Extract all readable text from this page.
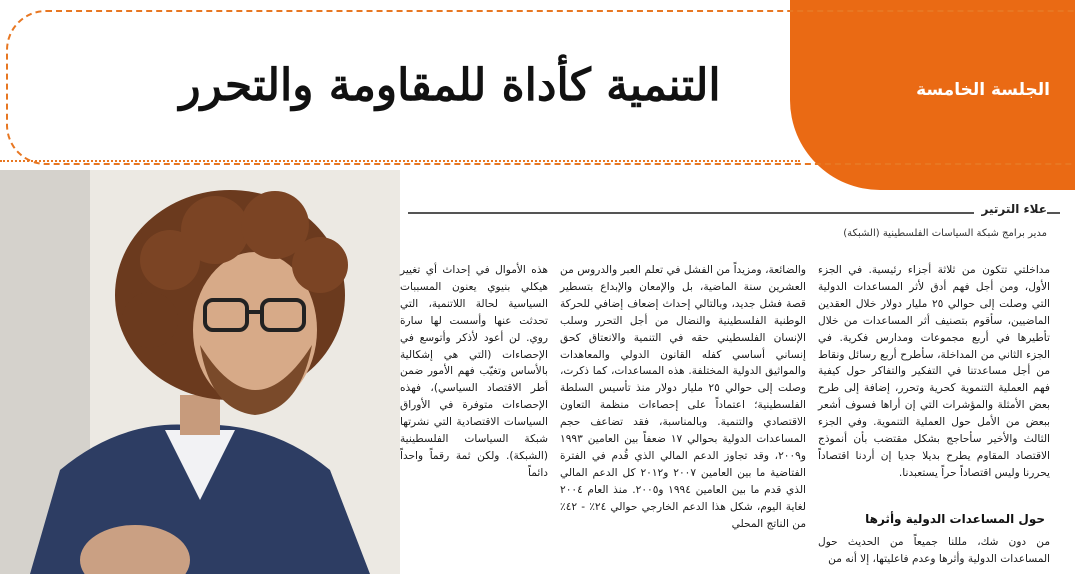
الجلسة الخامسة
التنمية كأداة للمقاومة والتحرر
علاء الترتير
مدير برامج شبكة السياسات الفلسطينية (الشبكة)

مداخلتي تتكون من ثلاثة أجزاء رئيسية. في الجزء الأول، ومن أجل فهم أدق لأثر المساعدات الدولية التي وصلت إلى حوالي ٢٥ مليار دولار خلال العقدين الماضيين، سأقوم بتصنيف أثر المساعدات من خلال تأطيرها في أربع مجموعات ومدارس فكرية. في الجزء الثاني من المداخلة، سأطرح أربع رسائل ونقاط من أجل مساعدتنا في التفكير والتفاكر حول كيفية فهم العملية التنموية كحرية وتحرر، إضافة إلى طرح بعض الأمثلة والمؤشرات التي إن أراها فسوف أشعر ببعض من الأمل حول العملية التنموية. وفي الجزء الثالث والأخير سأحاجج بشكل مقتضب بأن أنموذج الاقتصاد المقاوم يطرح بديلا جديا إن أردنا اقتصاداً يحررنا وليس اقتصاداً حراً يستعبدنا.

حول المساعدات الدولية وأثرها

من دون شك، مللنا جميعاً من الحديث حول المساعدات الدولية وأثرها وعدم فاعليتها، إلا أنه من

والضائعة، ومزيداً من الفشل في تعلم العبر والدروس من العشرين سنة الماضية، بل والإمعان والإبداع بتسطير قصة فشل جديد، وبالتالي إحداث إضعاف إضافي للحركة الوطنية الفلسطينية والنضال من أجل التحرر وسلب الإنسان الفلسطيني حقه في التنمية والانعتاق كحق إنساني أساسي كفله القانون الدولي والمعاهدات والمواثيق الدولية المختلفة. هذه المساعدات، كما ذكرت، وصلت إلى حوالي ٢٥ مليار دولار منذ تأسيس السلطة الفلسطينية؛ اعتماداً على إحصاءات منظمة التعاون الاقتصادي والتنمية. وبالمناسبة، فقد تضاعف حجم المساعدات الدولية بحوالي ١٧ ضعفاً بين العامين ١٩٩٣ و٢٠٠٩، وقد تجاوز الدعم المالي الذي قُدم في الفترة الفتاضية ما بين العامين ٢٠٠٧ و٢٠١٢ كل الدعم المالي الذي قدم ما بين العامين ١٩٩٤ و٢٠٠٥. منذ العام ٢٠٠٤ لغاية اليوم، شكل هذا الدعم الخارجي حوالي ٢٤٪ - ٤٢٪ من الناتج المحلي

هذه الأموال في إحداث أي تغيير هيكلي بنيوي يعنون المسببات السياسية لحالة اللاتنمية، التي تحدثت عنها وأسست لها سارة روي. لن أعود لأذكر وأتوسع في الإحصاءات (التي هي إشكالية بالأساس وتغيّب فهم الأمور ضمن أطر الاقتصاد السياسي)، فهذه الإحصاءات متوفرة في الأوراق السياسات الاقتصادية التي نشرتها شبكة السياسات الفلسطينية (الشبكة). ولكن ثمة رقماً واحداً دائماً
